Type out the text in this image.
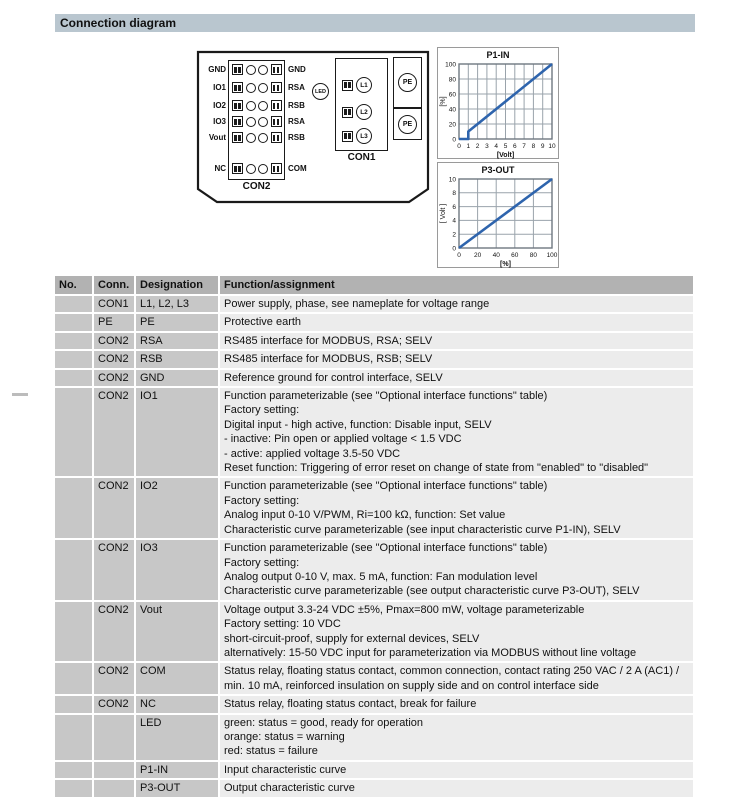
Connection diagram
GND
IO1
IO2
IO3
Vout
NC
GND
RSA
RSB
RSA
RSB
COM
CON2
LED
L1
L2
L3
CON1
PE
PE
P1-IN
0 1 2 3 4 5 6 7 8 9 10
0
20
40
60
80
100
[Volt]
[%]
P3-OUT
0 20 40 60 80 100
0
2
4
6
8
10
[%]
[ Volt ]
No.	Conn.	Designation	Function/assignment
	CON1	L1, L2, L3	Power supply, phase, see nameplate for voltage range

	PE	PE	Protective earth

	CON2	RSA	RS485 interface for MODBUS, RSA; SELV

	CON2	RSB	RS485 interface for MODBUS, RSB; SELV

	CON2	GND	Reference ground for control interface, SELV

	CON2	IO1	Function parameterizable (see "Optional interface functions" table)
Factory setting:
Digital input - high active, function: Disable input, SELV
- inactive: Pin open or applied voltage < 1.5 VDC
- active: applied voltage 3.5-50 VDC
Reset function: Triggering of error reset on change of state from "enabled" to "disabled"

	CON2	IO2	Function parameterizable (see "Optional interface functions" table)
Factory setting:
Analog input 0-10 V/PWM, Ri=100 kΩ, function: Set value
Characteristic curve parameterizable (see input characteristic curve P1-IN), SELV

	CON2	IO3	Function parameterizable (see "Optional interface functions" table)
Factory setting:
Analog output 0-10 V, max. 5 mA, function: Fan modulation level
Characteristic curve parameterizable (see output characteristic curve P3-OUT), SELV

	CON2	Vout	Voltage output 3.3-24 VDC ±5%, Pmax=800 mW, voltage parameterizable
Factory setting: 10 VDC
short-circuit-proof, supply for external devices, SELV
alternatively: 15-50 VDC input for parameterization via MODBUS without line voltage

	CON2	COM	Status relay, floating status contact, common connection, contact rating 250 VAC / 2 A (AC1) / min. 10 mA, reinforced insulation on supply side and on control interface side

	CON2	NC	Status relay, floating status contact, break for failure

		LED	green: status = good, ready for operation
orange: status = warning
red: status = failure

		P1-IN	Input characteristic curve

		P3-OUT	Output characteristic curve
